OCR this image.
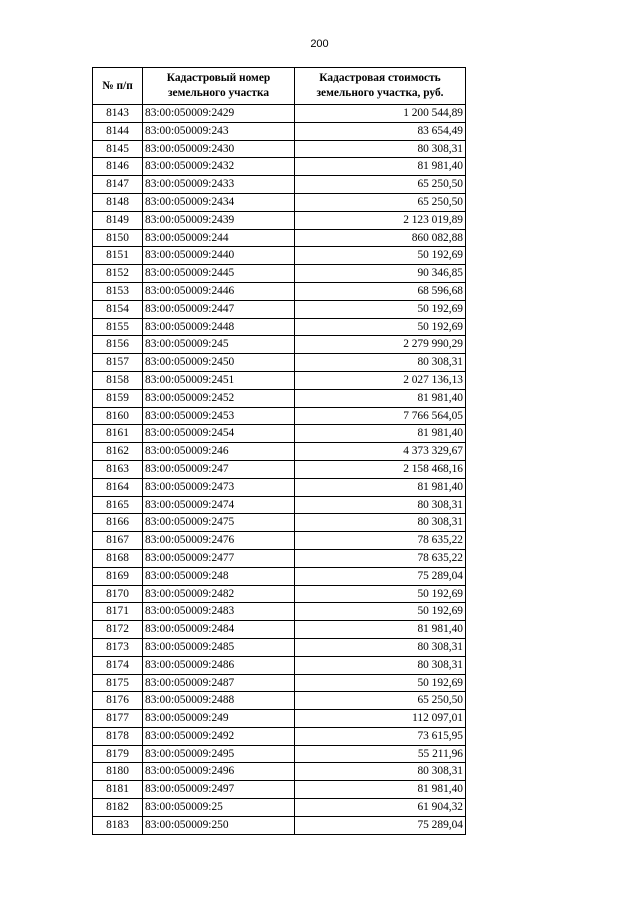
200
№ п/п	Кадастровый номер земельного участка	Кадастровая стоимость земельного участка, руб.
8143	83:00:050009:2429	1 200 544,89
8144	83:00:050009:243	83 654,49
8145	83:00:050009:2430	80 308,31
8146	83:00:050009:2432	81 981,40
8147	83:00:050009:2433	65 250,50
8148	83:00:050009:2434	65 250,50
8149	83:00:050009:2439	2 123 019,89
8150	83:00:050009:244	860 082,88
8151	83:00:050009:2440	50 192,69
8152	83:00:050009:2445	90 346,85
8153	83:00:050009:2446	68 596,68
8154	83:00:050009:2447	50 192,69
8155	83:00:050009:2448	50 192,69
8156	83:00:050009:245	2 279 990,29
8157	83:00:050009:2450	80 308,31
8158	83:00:050009:2451	2 027 136,13
8159	83:00:050009:2452	81 981,40
8160	83:00:050009:2453	7 766 564,05
8161	83:00:050009:2454	81 981,40
8162	83:00:050009:246	4 373 329,67
8163	83:00:050009:247	2 158 468,16
8164	83:00:050009:2473	81 981,40
8165	83:00:050009:2474	80 308,31
8166	83:00:050009:2475	80 308,31
8167	83:00:050009:2476	78 635,22
8168	83:00:050009:2477	78 635,22
8169	83:00:050009:248	75 289,04
8170	83:00:050009:2482	50 192,69
8171	83:00:050009:2483	50 192,69
8172	83:00:050009:2484	81 981,40
8173	83:00:050009:2485	80 308,31
8174	83:00:050009:2486	80 308,31
8175	83:00:050009:2487	50 192,69
8176	83:00:050009:2488	65 250,50
8177	83:00:050009:249	112 097,01
8178	83:00:050009:2492	73 615,95
8179	83:00:050009:2495	55 211,96
8180	83:00:050009:2496	80 308,31
8181	83:00:050009:2497	81 981,40
8182	83:00:050009:25	61 904,32
8183	83:00:050009:250	75 289,04
